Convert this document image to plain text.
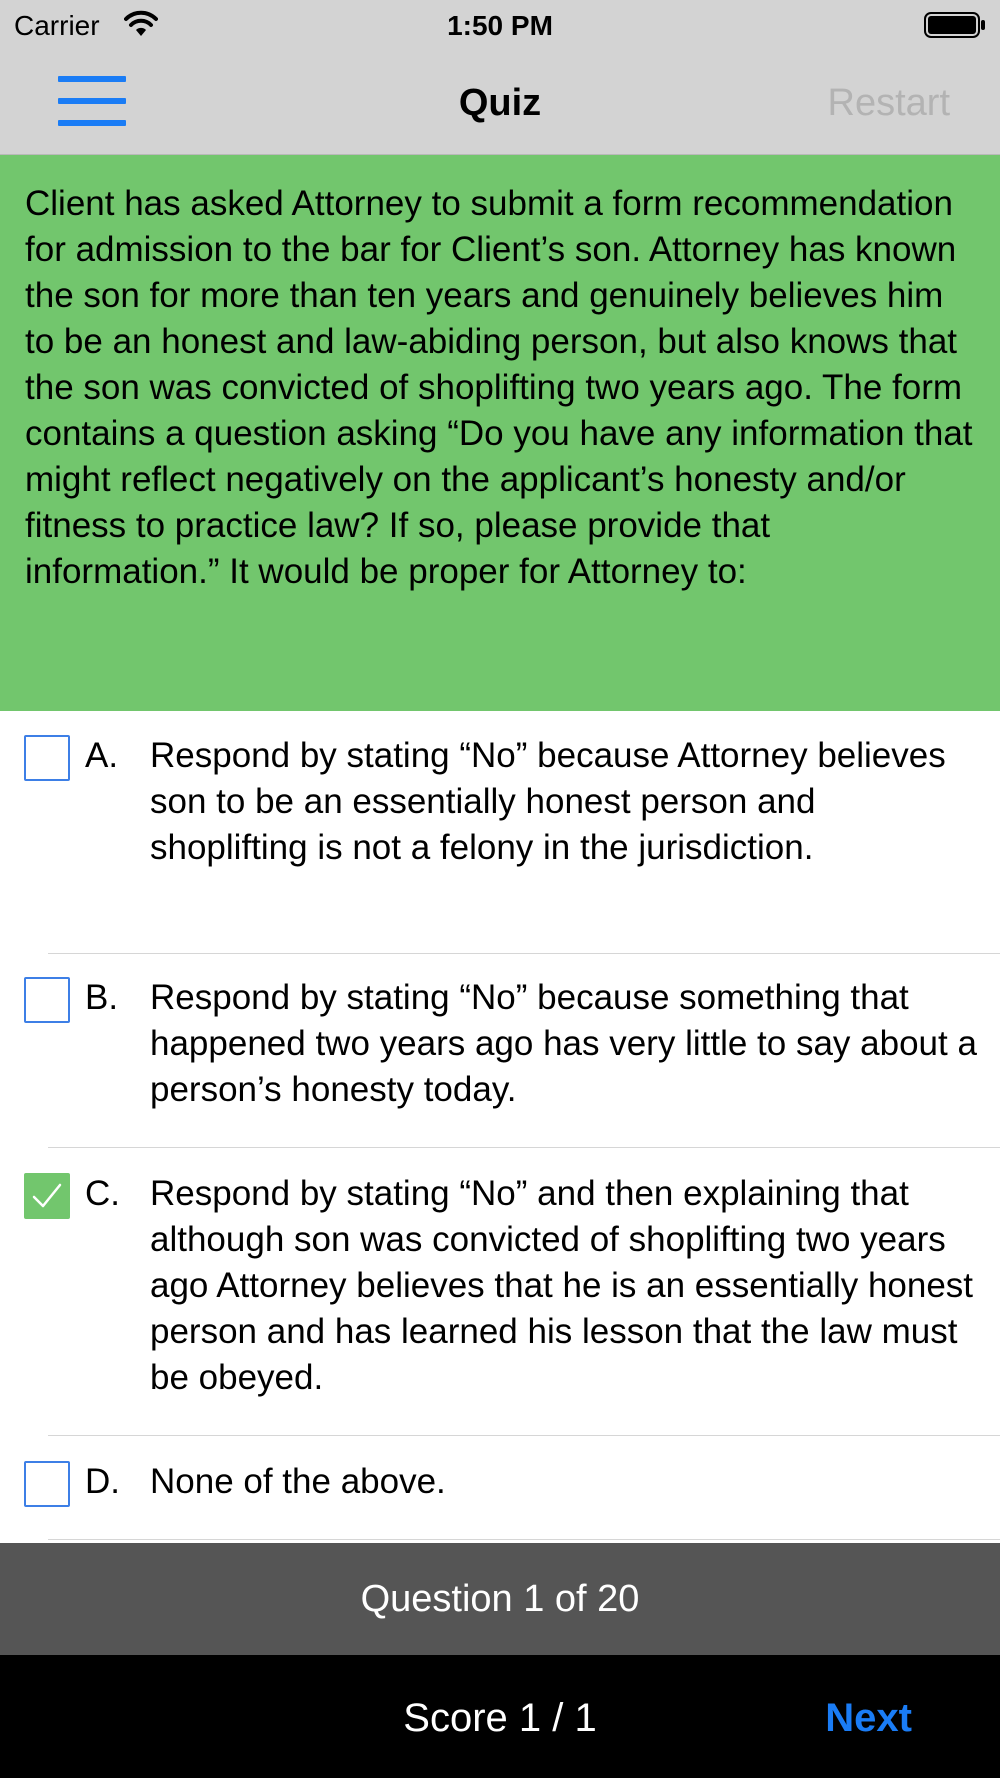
Carrier	1:50 PM
Quiz	Restart

Client has asked Attorney to submit a form recommendation for admission to the bar for Client’s son. Attorney has known the son for more than ten years and genuinely believes him to be an honest and law-abiding person, but also knows that the son was convicted of shoplifting two years ago. The form contains a question asking “Do you have any information that might reflect negatively on the applicant’s honesty and/or fitness to practice law? If so, please provide that information.” It would be proper for Attorney to:

A. Respond by stating “No” because Attorney believes son to be an essentially honest person and shoplifting is not a felony in the jurisdiction.
B. Respond by stating “No” because something that happened two years ago has very little to say about a person’s honesty today.
C. Respond by stating “No” and then explaining that although son was convicted of shoplifting two years ago Attorney believes that he is an essentially honest person and has learned his lesson that the law must be obeyed.
D. None of the above.
Question 1 of 20
Score 1 / 1	Next
